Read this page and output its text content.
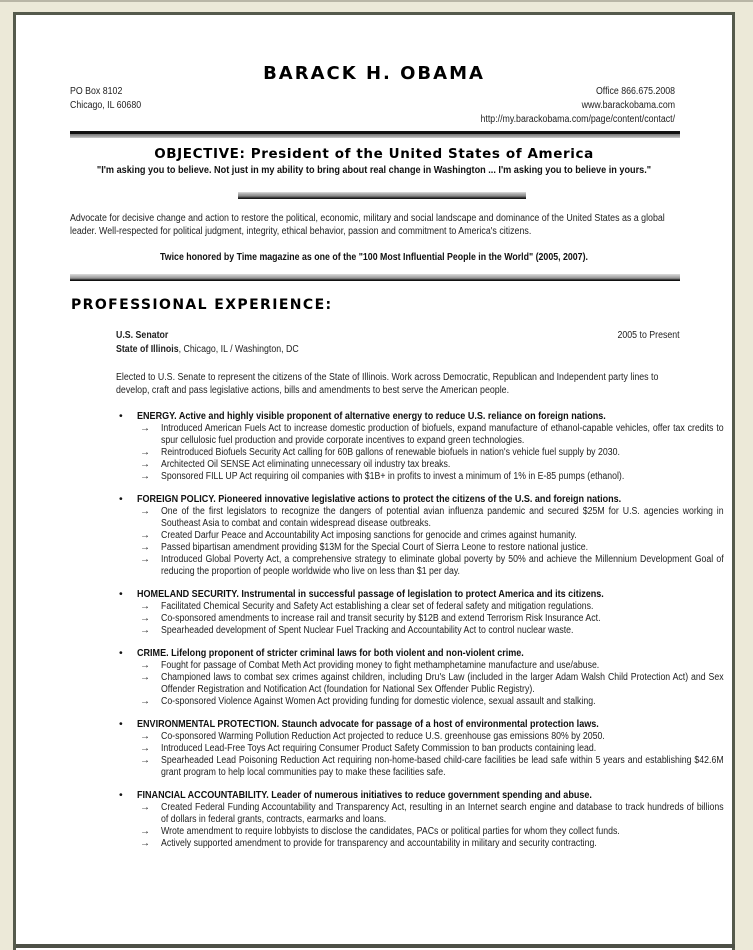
BARACK H. OBAMA
PO Box 8102
Chicago, IL 60680
Office 866.675.2008
www.barackobama.com
http://my.barackobama.com/page/content/contact/
OBJECTIVE: President of the United States of America
"I'm asking you to believe. Not just in my ability to bring about real change in Washington ... I'm asking you to believe in yours."
Advocate for decisive change and action to restore the political, economic, military and social landscape and dominance of the United States as a global leader. Well-respected for political judgment, integrity, ethical behavior, passion and commitment to America's citizens.
Twice honored by Time magazine as one of the "100 Most Influential People in the World" (2005, 2007).
PROFESSIONAL EXPERIENCE:
U.S. Senator	2005 to Present
State of Illinois, Chicago, IL / Washington, DC
Elected to U.S. Senate to represent the citizens of the State of Illinois. Work across Democratic, Republican and Independent party lines to develop, craft and pass legislative actions, bills and amendments to best serve the American people.
• ENERGY. Active and highly visible proponent of alternative energy to reduce U.S. reliance on foreign nations.
→ Introduced American Fuels Act to increase domestic production of biofuels, expand manufacture of ethanol-capable vehicles, offer tax credits to spur cellulosic fuel production and provide corporate incentives to expand green technologies.
→ Reintroduced Biofuels Security Act calling for 60B gallons of renewable biofuels in nation's vehicle fuel supply by 2030.
→ Architected Oil SENSE Act eliminating unnecessary oil industry tax breaks.
→ Sponsored FILL UP Act requiring oil companies with $1B+ in profits to invest a minimum of 1% in E-85 pumps (ethanol).
• FOREIGN POLICY. Pioneered innovative legislative actions to protect the citizens of the U.S. and foreign nations.
→ One of the first legislators to recognize the dangers of potential avian influenza pandemic and secured $25M for U.S. agencies working in Southeast Asia to combat and contain widespread disease outbreaks.
→ Created Darfur Peace and Accountability Act imposing sanctions for genocide and crimes against humanity.
→ Passed bipartisan amendment providing $13M for the Special Court of Sierra Leone to restore national justice.
→ Introduced Global Poverty Act, a comprehensive strategy to eliminate global poverty by 50% and achieve the Millennium Development Goal of reducing the proportion of people worldwide who live on less than $1 per day.
• HOMELAND SECURITY. Instrumental in successful passage of legislation to protect America and its citizens.
→ Facilitated Chemical Security and Safety Act establishing a clear set of federal safety and mitigation regulations.
→ Co-sponsored amendments to increase rail and transit security by $12B and extend Terrorism Risk Insurance Act.
→ Spearheaded development of Spent Nuclear Fuel Tracking and Accountability Act to control nuclear waste.
• CRIME. Lifelong proponent of stricter criminal laws for both violent and non-violent crime.
→ Fought for passage of Combat Meth Act providing money to fight methamphetamine manufacture and use/abuse.
→ Championed laws to combat sex crimes against children, including Dru's Law (included in the larger Adam Walsh Child Protection Act) and Sex Offender Registration and Notification Act (foundation for National Sex Offender Public Registry).
→ Co-sponsored Violence Against Women Act providing funding for domestic violence, sexual assault and stalking.
• ENVIRONMENTAL PROTECTION. Staunch advocate for passage of a host of environmental protection laws.
→ Co-sponsored Warming Pollution Reduction Act projected to reduce U.S. greenhouse gas emissions 80% by 2050.
→ Introduced Lead-Free Toys Act requiring Consumer Product Safety Commission to ban products containing lead.
→ Spearheaded Lead Poisoning Reduction Act requiring non-home-based child-care facilities be lead safe within 5 years and establishing $42.6M grant program to help local communities pay to make these facilities safe.
• FINANCIAL ACCOUNTABILITY. Leader of numerous initiatives to reduce government spending and abuse.
→ Created Federal Funding Accountability and Transparency Act, resulting in an Internet search engine and database to track hundreds of billions of dollars in federal grants, contracts, earmarks and loans.
→ Wrote amendment to require lobbyists to disclose the candidates, PACs or political parties for whom they collect funds.
→ Actively supported amendment to provide for transparency and accountability in military and security contracting.
